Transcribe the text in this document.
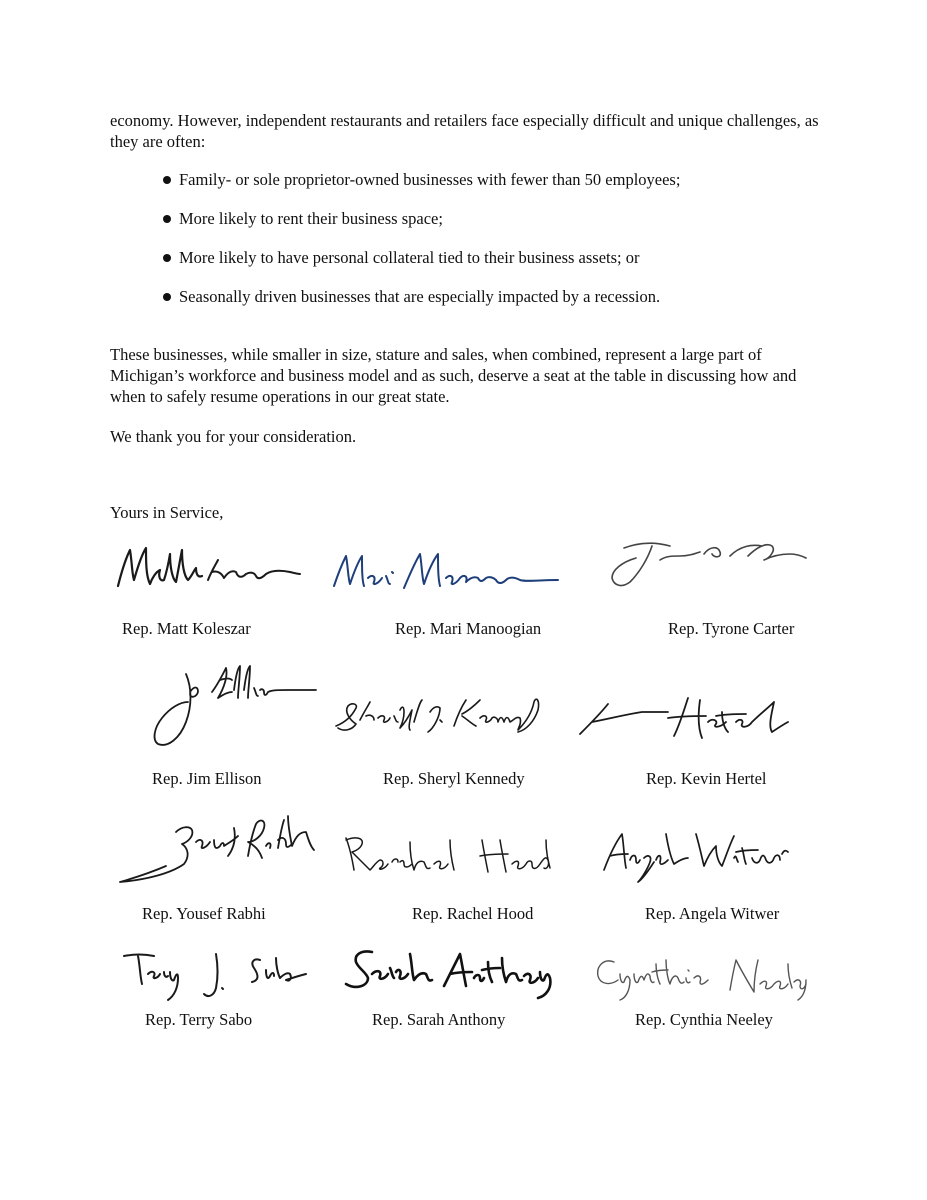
economy. However, independent restaurants and retailers face especially difficult and unique challenges, as they are often:
Family- or sole proprietor-owned businesses with fewer than 50 employees;
More likely to rent their business space;
More likely to have personal collateral tied to their business assets; or
Seasonally driven businesses that are especially impacted by a recession.
These businesses, while smaller in size, stature and sales, when combined, represent a large part of Michigan’s workforce and business model and as such, deserve a seat at the table in discussing how and when to safely resume operations in our great state.
We thank you for your consideration.
Yours in Service,
Rep. Matt Koleszar	Rep. Mari Manoogian	Rep. Tyrone Carter
Rep. Jim Ellison	Rep. Sheryl Kennedy	Rep. Kevin Hertel
Rep. Yousef Rabhi	Rep. Rachel Hood	Rep. Angela Witwer
Rep. Terry Sabo	Rep. Sarah Anthony	Rep. Cynthia Neeley
